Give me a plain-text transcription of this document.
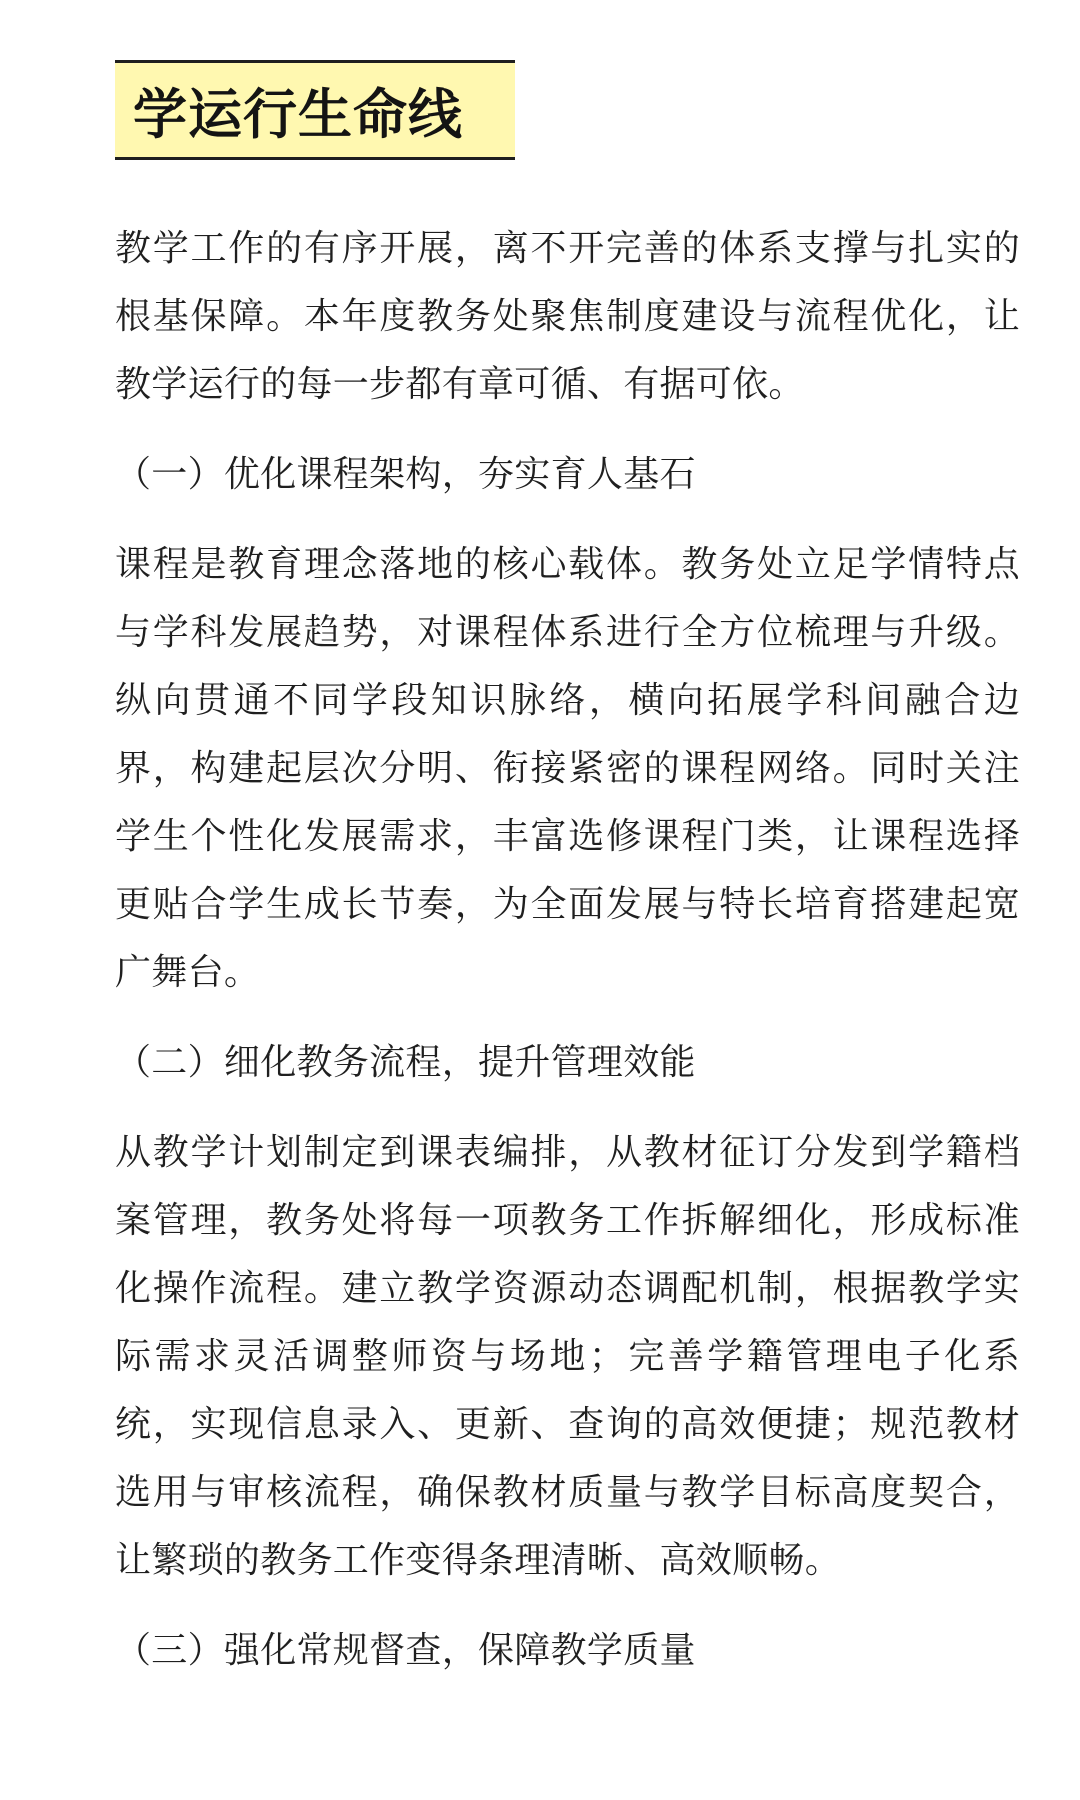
学运行生命线

教学工作的有序开展，离不开完善的体系支撑与扎实的根基保障。本年度教务处聚焦制度建设与流程优化，让教学运行的每一步都有章可循、有据可依。

（一）优化课程架构，夯实育人基石

课程是教育理念落地的核心载体。教务处立足学情特点与学科发展趋势，对课程体系进行全方位梳理与升级。纵向贯通不同学段知识脉络，横向拓展学科间融合边界，构建起层次分明、衔接紧密的课程网络。同时关注学生个性化发展需求，丰富选修课程门类，让课程选择更贴合学生成长节奏，为全面发展与特长培育搭建起宽广舞台。

（二）细化教务流程，提升管理效能

从教学计划制定到课表编排，从教材征订分发到学籍档案管理，教务处将每一项教务工作拆解细化，形成标准化操作流程。建立教学资源动态调配机制，根据教学实际需求灵活调整师资与场地；完善学籍管理电子化系统，实现信息录入、更新、查询的高效便捷；规范教材选用与审核流程，确保教材质量与教学目标高度契合，让繁琐的教务工作变得条理清晰、高效顺畅。

（三）强化常规督查，保障教学质量
